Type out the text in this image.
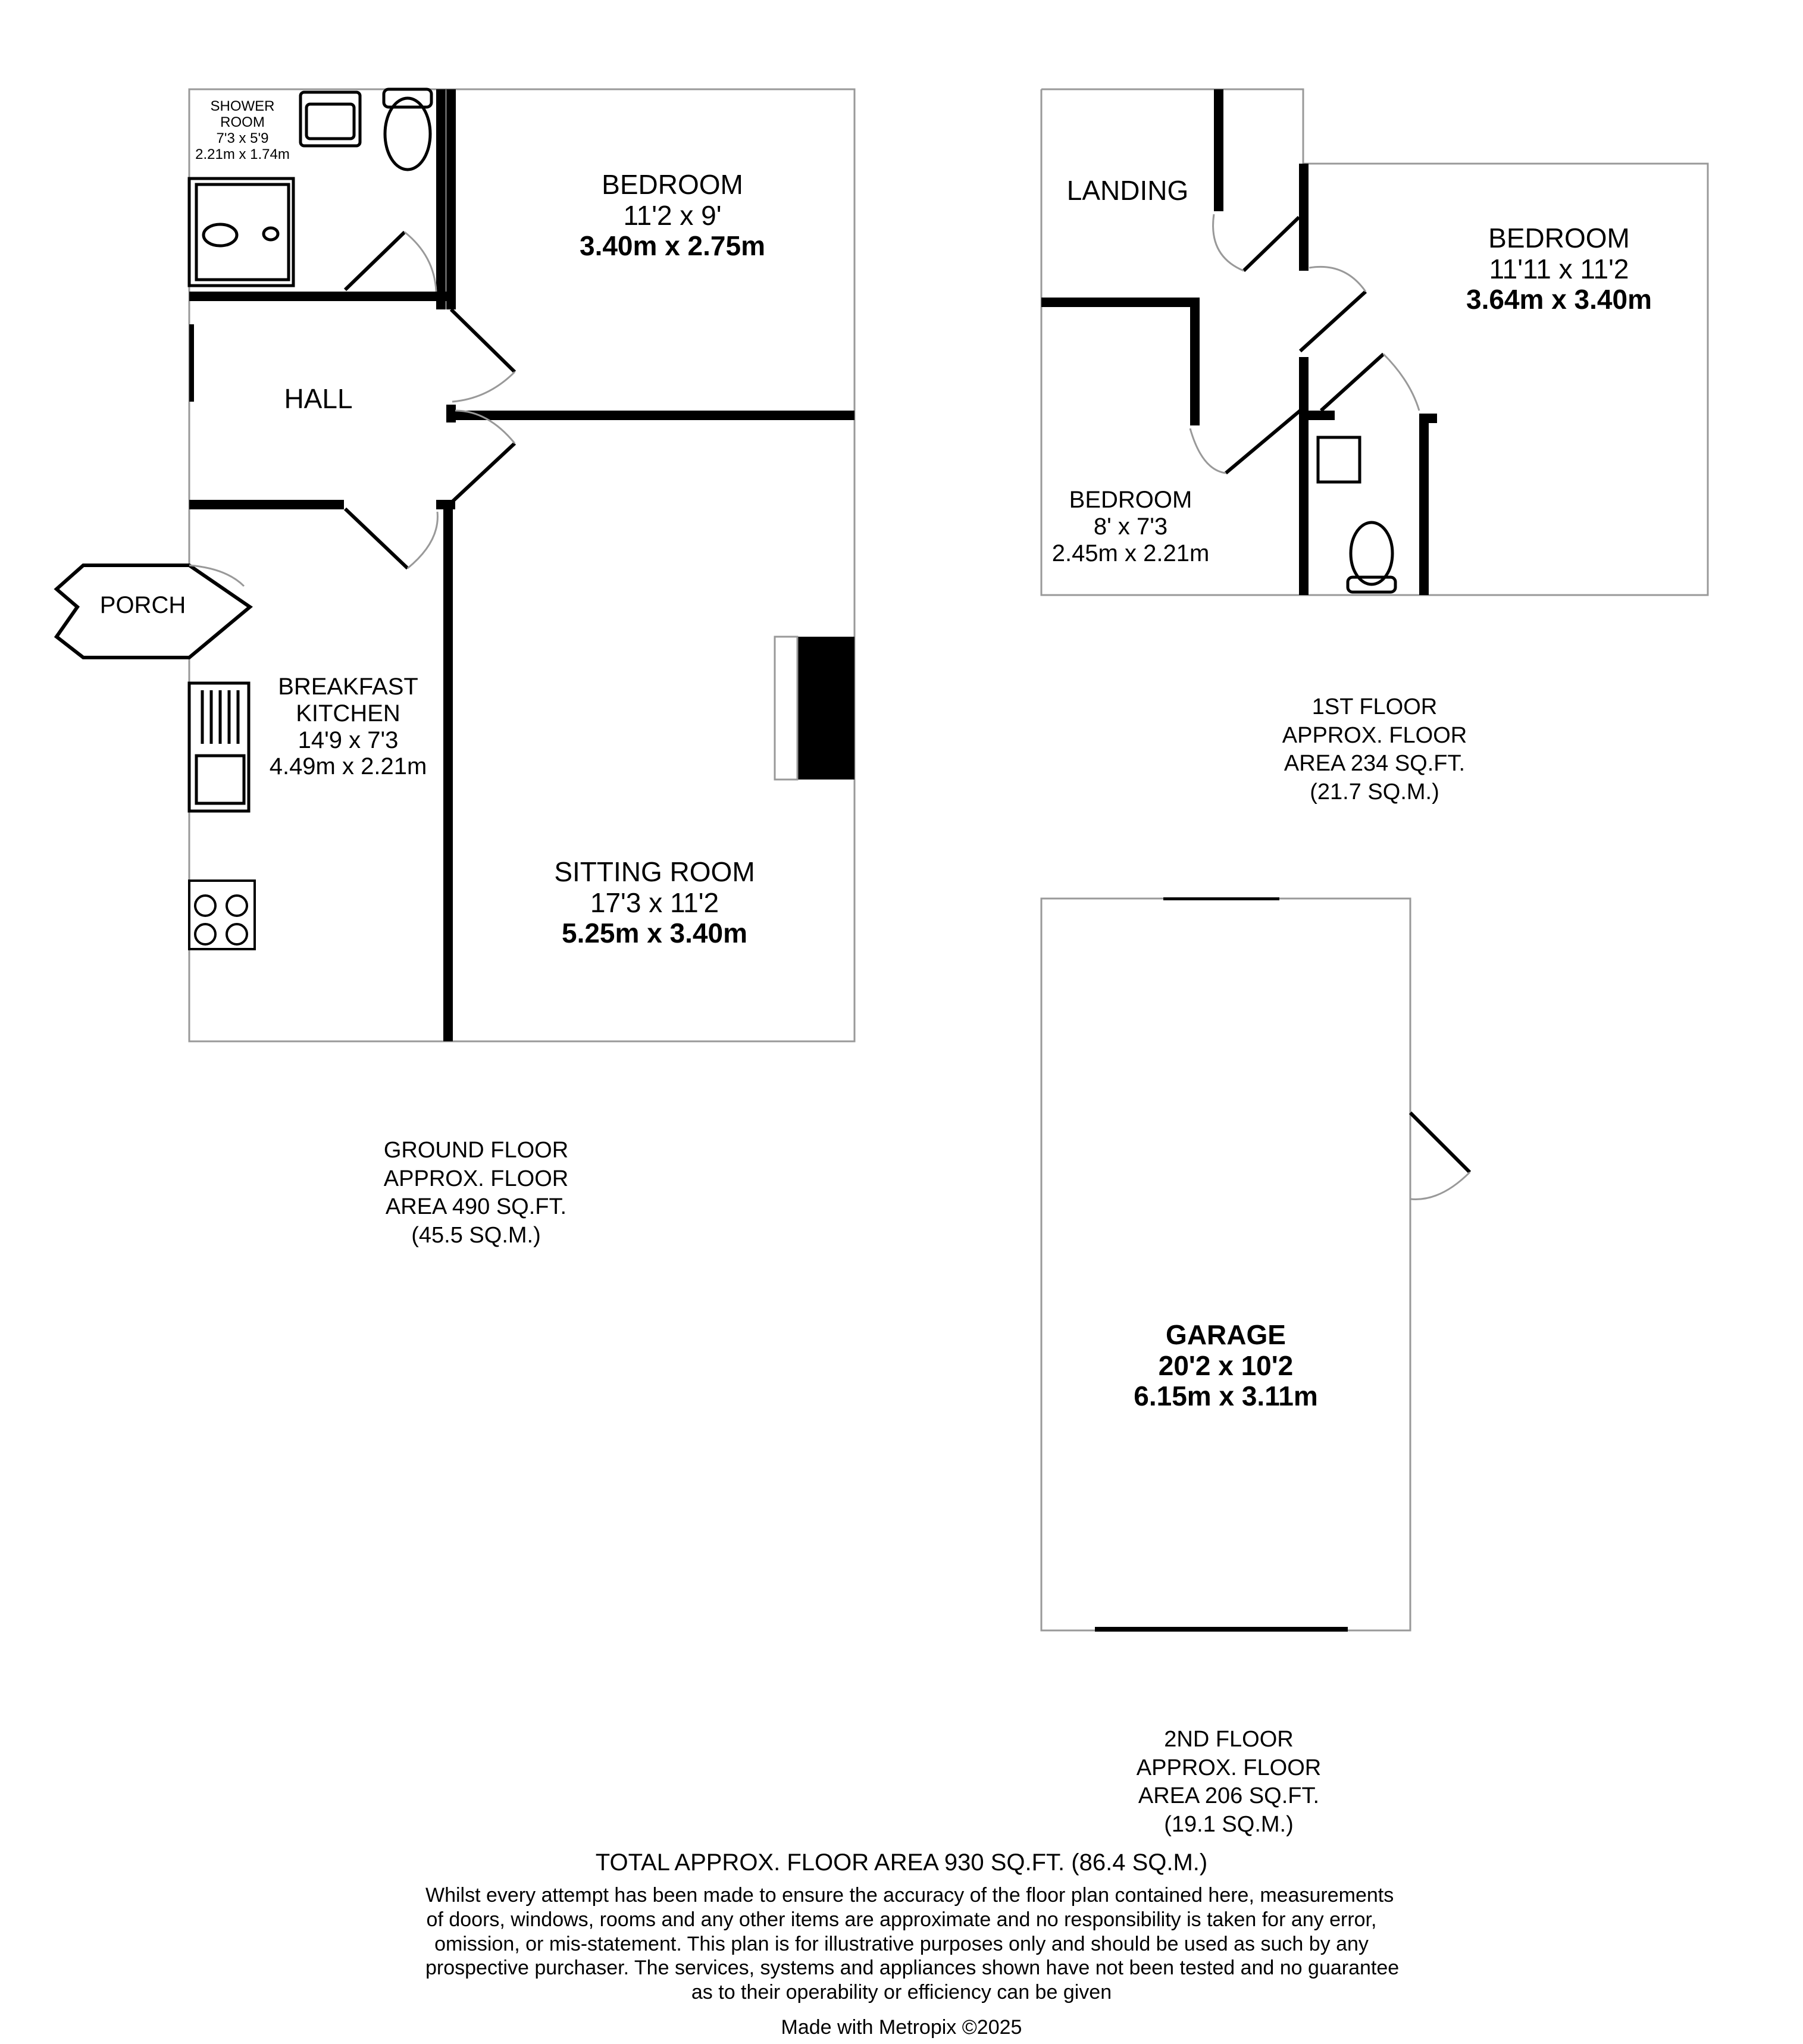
SHOWER
ROOM
7'3 x 5'9
2.21m x 1.74m
BEDROOM
11'2 x 9'
3.40m x 2.75m
HALL
PORCH
BREAKFAST
KITCHEN
14'9 x 7'3
4.49m x 2.21m
SITTING ROOM
17'3 x 11'2
5.25m x 3.40m
GROUND FLOOR
APPROX. FLOOR
AREA 490 SQ.FT.
(45.5 SQ.M.)
LANDING
BEDROOM
11'11 x 11'2
3.64m x 3.40m
BEDROOM
8' x 7'3
2.45m x 2.21m
1ST FLOOR
APPROX. FLOOR
AREA 234 SQ.FT.
(21.7 SQ.M.)
GARAGE
20'2 x 10'2
6.15m x 3.11m
2ND FLOOR
APPROX. FLOOR
AREA 206 SQ.FT.
(19.1 SQ.M.)
TOTAL APPROX. FLOOR AREA 930 SQ.FT. (86.4 SQ.M.)
Whilst every attempt has been made to ensure the accuracy of the floor plan contained here, measurements
of doors, windows, rooms and any other items are approximate and no responsibility is taken for any error,
omission, or mis-statement. This plan is for illustrative purposes only and should be used as such by any
prospective purchaser. The services, systems and appliances shown have not been tested and no guarantee
as to their operability or efficiency can be given
Made with Metropix ©2025
